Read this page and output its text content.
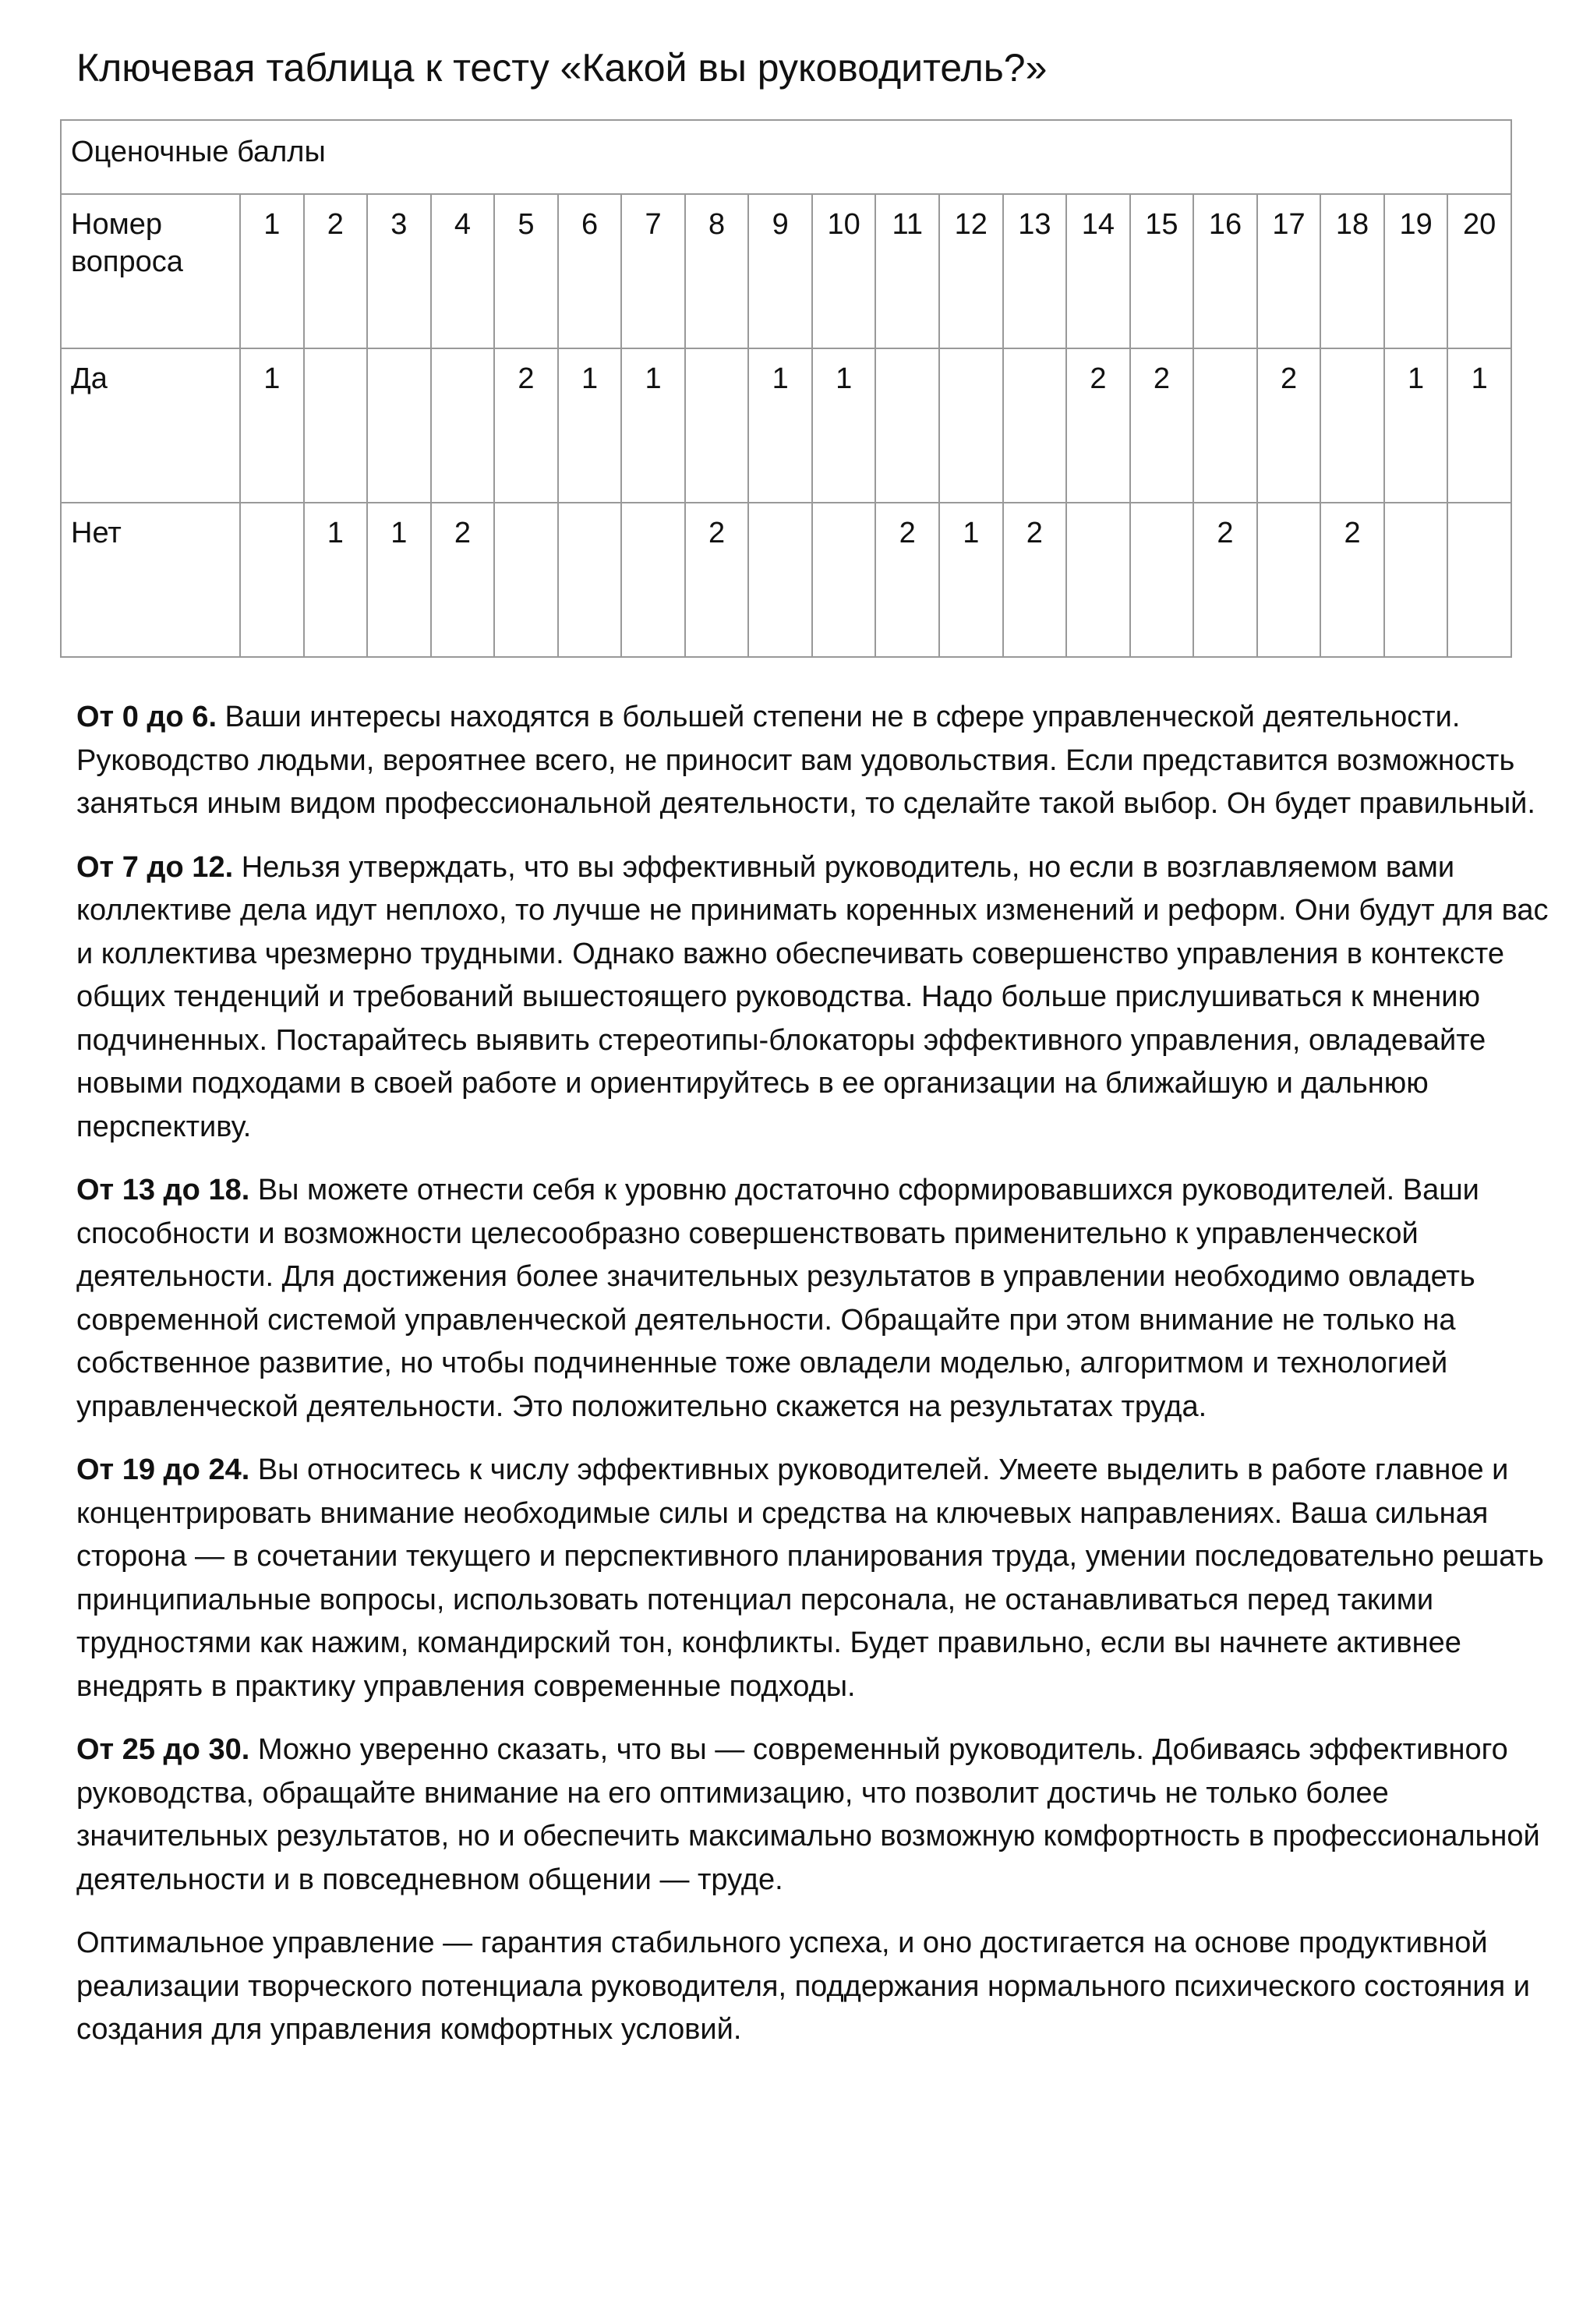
Ключевая таблица к тесту «Какой вы руководитель?»
Оценочные баллы																				
Номер вопроса	1	2	3	4	5	6	7	8	9	10	11	12	13	14	15	16	17	18	19	20
Да	1				2	1	1		1	1				2	2		2		1	1
Нет		1	1	2				2			2	1	2			2		2		

От 0 до 6. Ваши интересы находятся в большей степени не в сфере управленческой деятельности. Руководство людьми, вероятнее всего, не приносит вам удовольствия. Если представится возможность заняться иным видом профессиональной деятельности, то сделайте такой выбор. Он будет правильный.

От 7 до 12. Нельзя утверждать, что вы эффективный руководитель, но если в возглавляемом вами коллективе дела идут неплохо, то лучше не принимать коренных изменений и реформ. Они будут для вас и коллектива чрезмерно трудными. Однако важно обеспечивать совершенство управления в контексте общих тенденций и требований вышестоящего руководства. Надо больше прислушиваться к мнению подчиненных. Постарайтесь выявить стереотипы-блокаторы эффективного управления, овладевайте новыми подходами в своей работе и ориентируйтесь в ее организации на ближайшую и дальнюю перспективу.

От 13 до 18. Вы можете отнести себя к уровню достаточно сформировавшихся руководителей. Ваши способности и возможности целесообразно совершенствовать применительно к управленческой деятельности. Для достижения более значительных результатов в управлении необходимо овладеть современной системой управленческой деятельности. Обращайте при этом внимание не только на собственное развитие, но чтобы подчиненные тоже овладели моделью, алгоритмом и технологией управленческой деятельности. Это положительно скажется на результатах труда.

От 19 до 24. Вы относитесь к числу эффективных руководителей. Умеете выделить в работе главное и концентрировать внимание необходимые силы и средства на ключевых направлениях. Ваша сильная сторона — в сочетании текущего и перспективного планирования труда, умении последовательно решать принципиальные вопросы, использовать потенциал персонала, не останавливаться перед такими трудностями как нажим, командирский тон, конфликты. Будет правильно, если вы начнете активнее внедрять в практику управления современные подходы.

От 25 до 30. Можно уверенно сказать, что вы — современный руководитель. Добиваясь эффективного руководства, обращайте внимание на его оптимизацию, что позволит достичь не только более значительных результатов, но и обеспечить максимально возможную комфортность в профессиональной деятельности и в повседневном общении — труде.

Оптимальное управление — гарантия стабильного успеха, и оно достигается на основе продуктивной реализации творческого потенциала руководителя, поддержания нормального психического состояния и создания для управления комфортных условий.
